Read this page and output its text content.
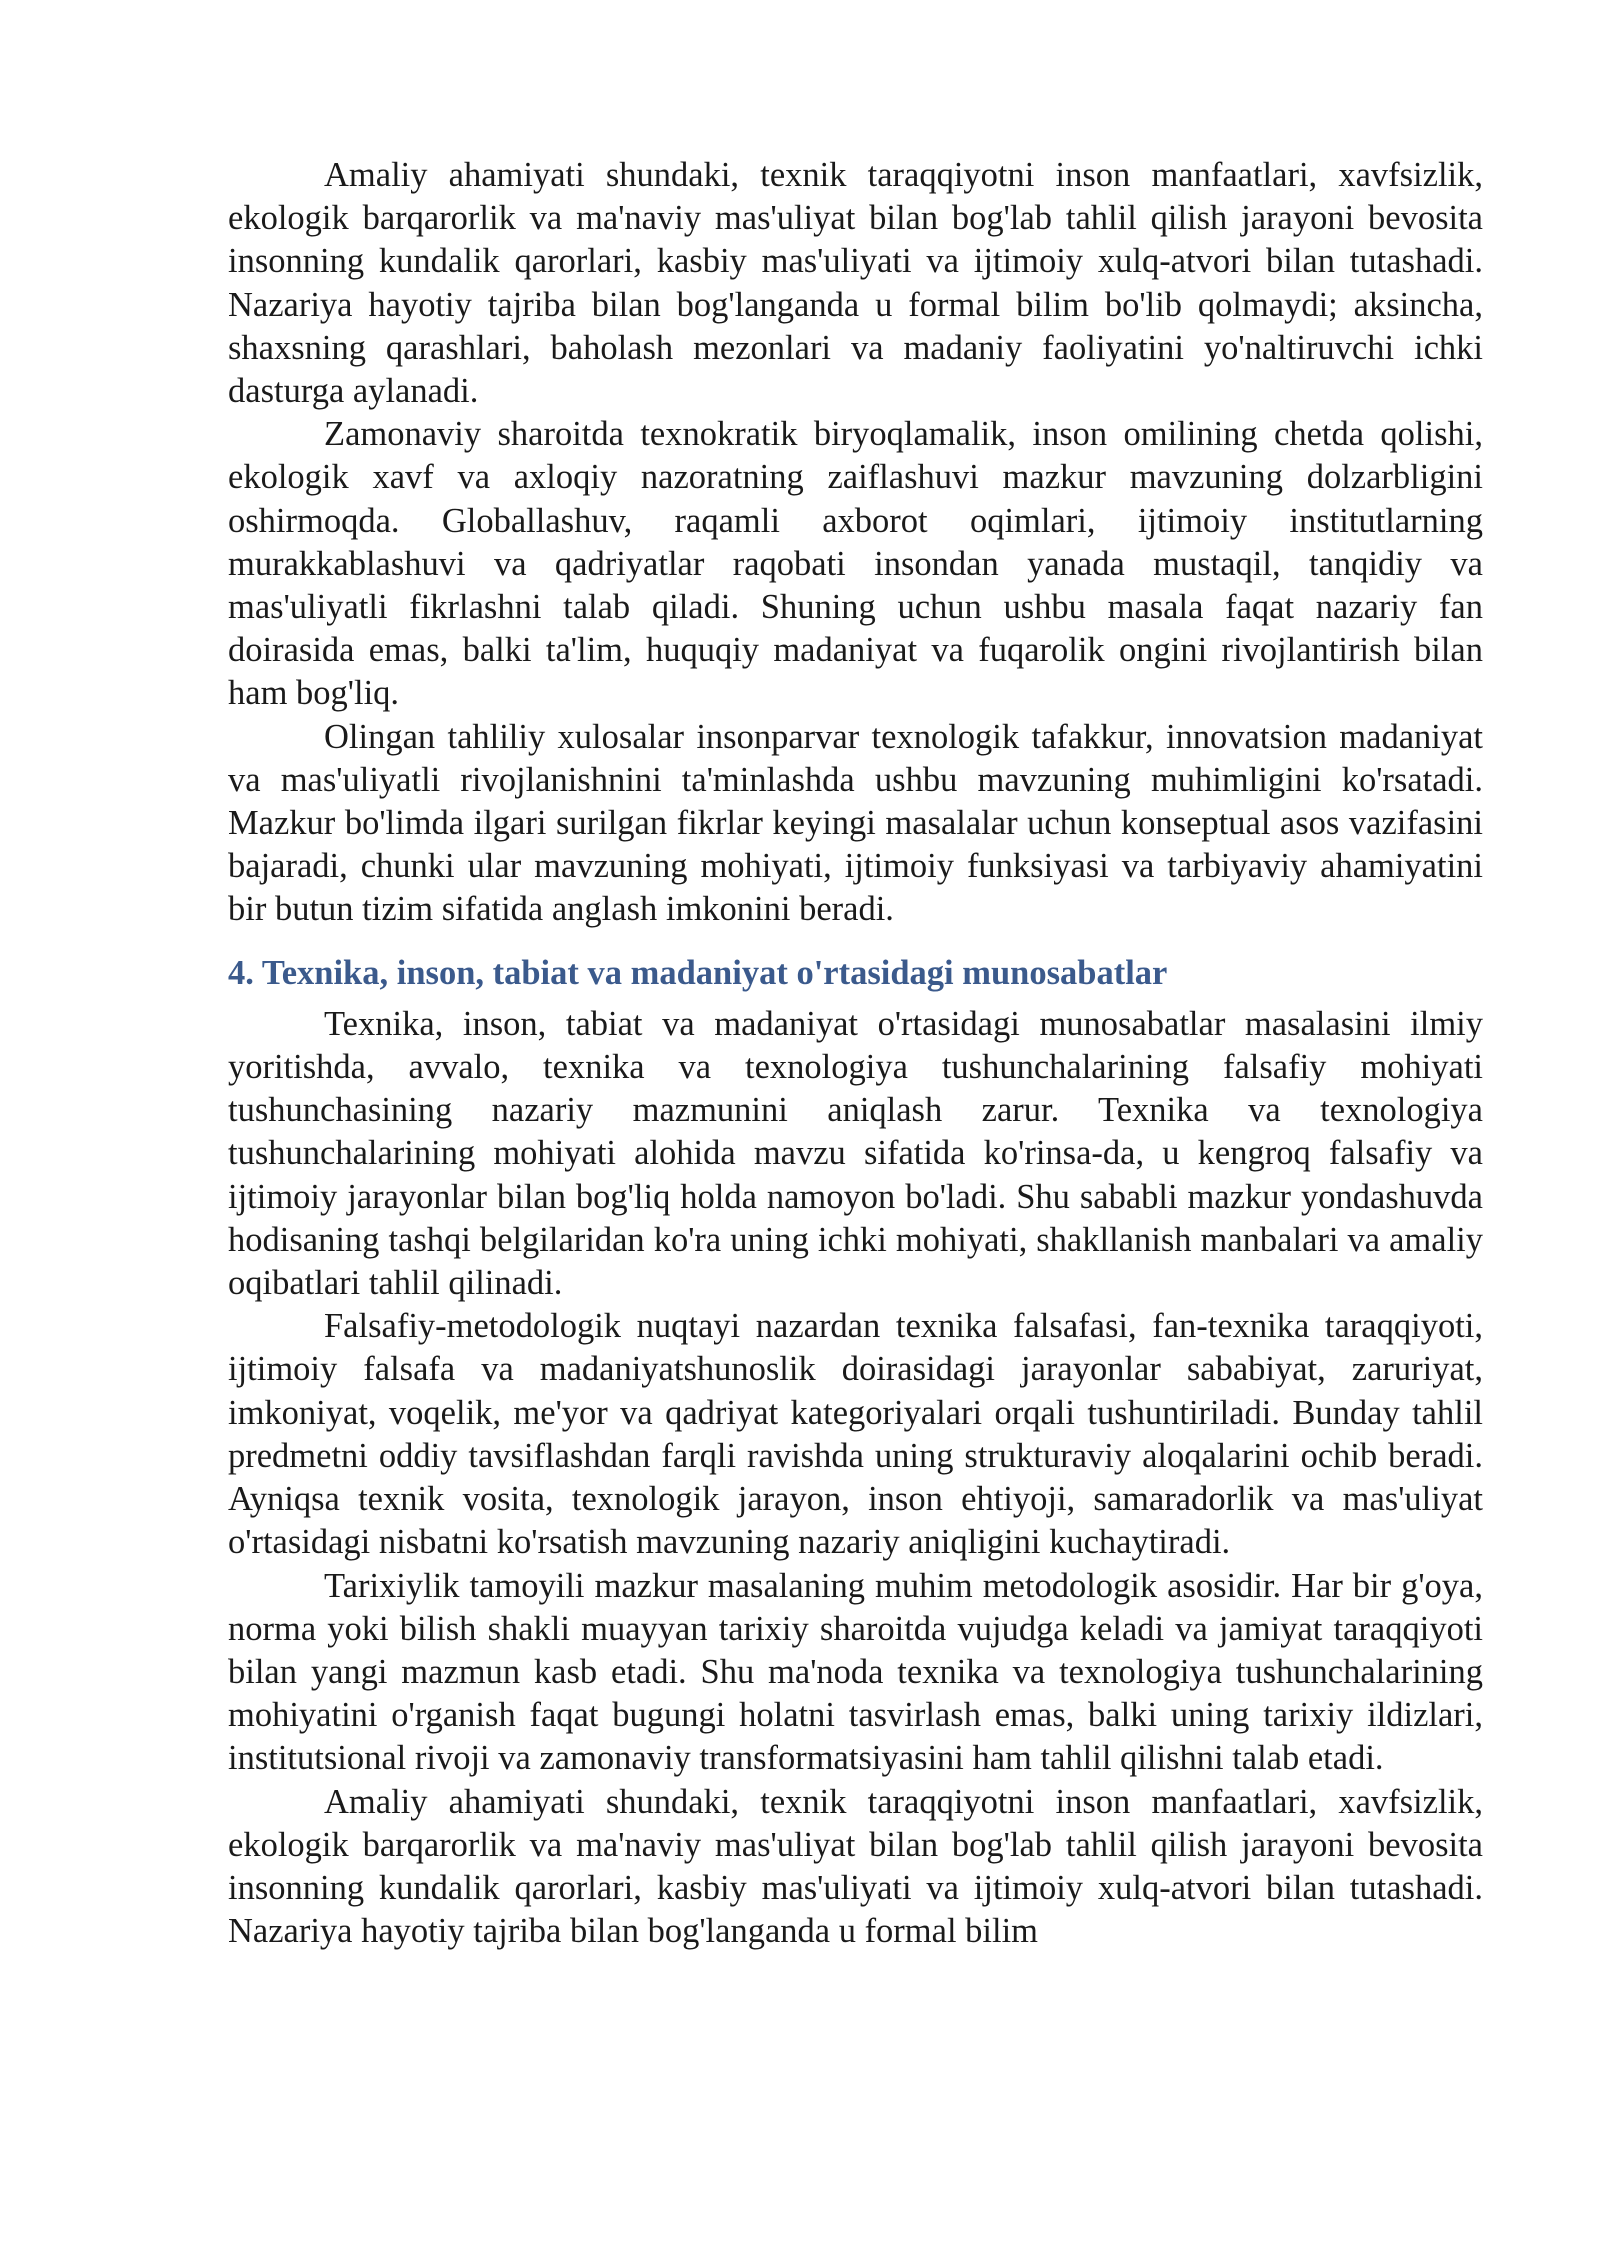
Amaliy ahamiyati shundaki, texnik taraqqiyotni inson manfaatlari, xavfsizlik, ekologik barqarorlik va ma'naviy mas'uliyat bilan bog'lab tahlil qilish jarayoni bevosita insonning kundalik qarorlari, kasbiy mas'uliyati va ijtimoiy xulq-atvori bilan tutashadi. Nazariya hayotiy tajriba bilan bog'langanda u formal bilim bo'lib qolmaydi; aksincha, shaxsning qarashlari, baholash mezonlari va madaniy faoliyatini yo'naltiruvchi ichki dasturga aylanadi.

Zamonaviy sharoitda texnokratik biryoqlamalik, inson omilining chetda qolishi, ekologik xavf va axloqiy nazoratning zaiflashuvi mazkur mavzuning dolzarbligini oshirmoqda. Globallashuv, raqamli axborot oqimlari, ijtimoiy institutlarning murakkablashuvi va qadriyatlar raqobati insondan yanada mustaqil, tanqidiy va mas'uliyatli fikrlashni talab qiladi. Shuning uchun ushbu masala faqat nazariy fan doirasida emas, balki ta'lim, huquqiy madaniyat va fuqarolik ongini rivojlantirish bilan ham bog'liq.

Olingan tahliliy xulosalar insonparvar texnologik tafakkur, innovatsion madaniyat va mas'uliyatli rivojlanishnini ta'minlashda ushbu mavzuning muhimligini ko'rsatadi. Mazkur bo'limda ilgari surilgan fikrlar keyingi masalalar uchun konseptual asos vazifasini bajaradi, chunki ular mavzuning mohiyati, ijtimoiy funksiyasi va tarbiyaviy ahamiyatini bir butun tizim sifatida anglash imkonini beradi.

4. Texnika, inson, tabiat va madaniyat o'rtasidagi munosabatlar

Texnika, inson, tabiat va madaniyat o'rtasidagi munosabatlar masalasini ilmiy yoritishda, avvalo, texnika va texnologiya tushunchalarining falsafiy mohiyati tushunchasining nazariy mazmunini aniqlash zarur. Texnika va texnologiya tushunchalarining mohiyati alohida mavzu sifatida ko'rinsa-da, u kengroq falsafiy va ijtimoiy jarayonlar bilan bog'liq holda namoyon bo'ladi. Shu sababli mazkur yondashuvda hodisaning tashqi belgilaridan ko'ra uning ichki mohiyati, shakllanish manbalari va amaliy oqibatlari tahlil qilinadi.

Falsafiy-metodologik nuqtayi nazardan texnika falsafasi, fan-texnika taraqqiyoti, ijtimoiy falsafa va madaniyatshunoslik doirasidagi jarayonlar sababiyat, zaruriyat, imkoniyat, voqelik, me'yor va qadriyat kategoriyalari orqali tushuntiriladi. Bunday tahlil predmetni oddiy tavsiflashdan farqli ravishda uning strukturaviy aloqalarini ochib beradi. Ayniqsa texnik vosita, texnologik jarayon, inson ehtiyoji, samaradorlik va mas'uliyat o'rtasidagi nisbatni ko'rsatish mavzuning nazariy aniqligini kuchaytiradi.

Tarixiylik tamoyili mazkur masalaning muhim metodologik asosidir. Har bir g'oya, norma yoki bilish shakli muayyan tarixiy sharoitda vujudga keladi va jamiyat taraqqiyoti bilan yangi mazmun kasb etadi. Shu ma'noda texnika va texnologiya tushunchalarining mohiyatini o'rganish faqat bugungi holatni tasvirlash emas, balki uning tarixiy ildizlari, institutsional rivoji va zamonaviy transformatsiyasini ham tahlil qilishni talab etadi.

Amaliy ahamiyati shundaki, texnik taraqqiyotni inson manfaatlari, xavfsizlik, ekologik barqarorlik va ma'naviy mas'uliyat bilan bog'lab tahlil qilish jarayoni bevosita insonning kundalik qarorlari, kasbiy mas'uliyati va ijtimoiy xulq-atvori bilan tutashadi. Nazariya hayotiy tajriba bilan bog'langanda u formal bilim
